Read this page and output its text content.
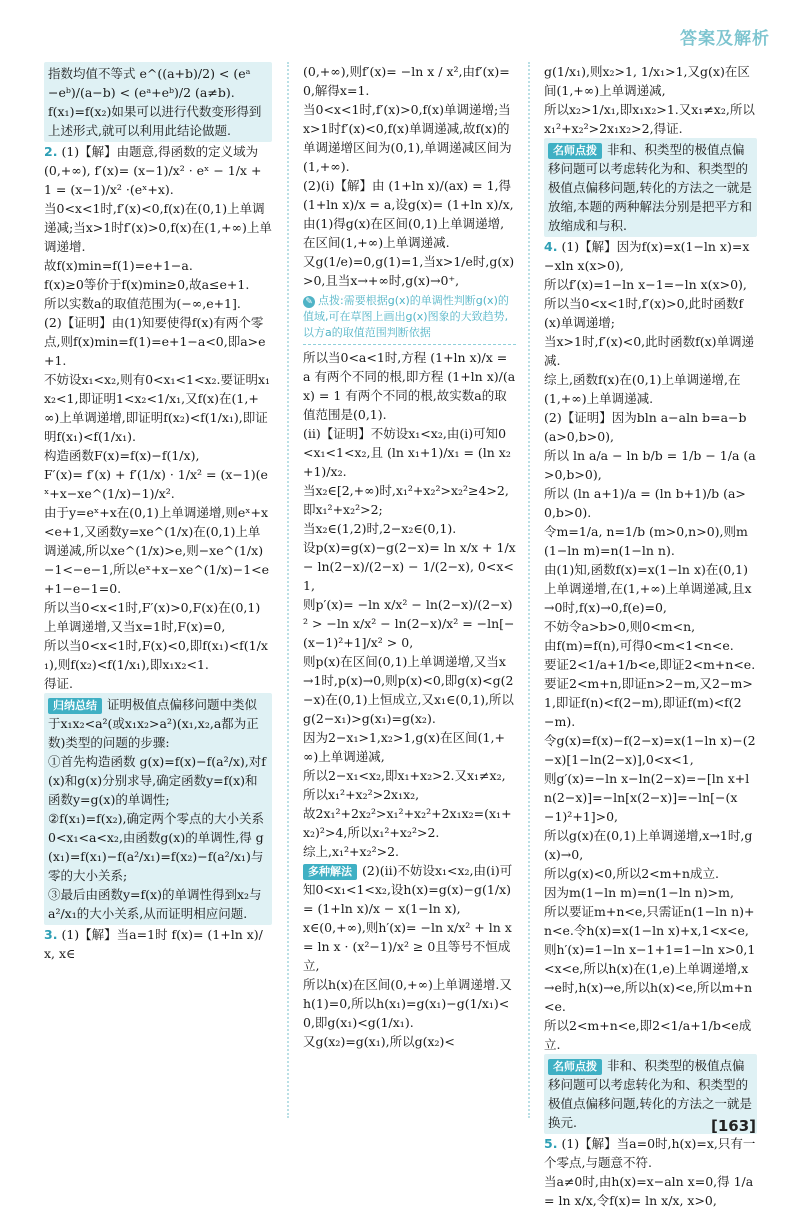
答案及解析

指数均值不等式 e^((a+b)/2) < (eᵃ−eᵇ)/(a−b) < (eᵃ+eᵇ)/2 (a≠b).

f(x₁)=f(x₂)如果可以进行代数变形得到上述形式,就可以利用此结论做题.

2. (1)【解】由题意,得函数的定义域为(0,+∞), f′(x)= (x−1)/x² · eˣ − 1/x + 1 = (x−1)/x² ·(eˣ+x).

当0<x<1时,f′(x)<0,f(x)在(0,1)上单调递减;当x>1时f′(x)>0,f(x)在(1,+∞)上单调递增.

故f(x)min=f(1)=e+1−a.

f(x)≥0等价于f(x)min≥0,故a≤e+1.

所以实数a的取值范围为(−∞,e+1].

(2)【证明】由(1)知要使得f(x)有两个零点,则f(x)min=f(1)=e+1−a<0,即a>e+1.

不妨设x₁<x₂,则有0<x₁<1<x₂.要证明x₁x₂<1,即证明1<x₂<1/x₁,又f(x)在(1,+∞)上单调递增,即证明f(x₂)<f(1/x₁),即证明f(x₁)<f(1/x₁).

构造函数F(x)=f(x)−f(1/x),

F′(x)= f′(x) + f′(1/x) · 1/x² = (x−1)(eˣ+x−xe^(1/x)−1)/x².

由于y=eˣ+x在(0,1)上单调递增,则eˣ+x<e+1,又函数y=xe^(1/x)在(0,1)上单调递减,所以xe^(1/x)>e,则−xe^(1/x)−1<−e−1,所以eˣ+x−xe^(1/x)−1<e+1−e−1=0.

所以当0<x<1时,F′(x)>0,F(x)在(0,1)上单调递增,又当x=1时,F(x)=0,

所以当0<x<1时,F(x)<0,即f(x₁)<f(1/x₁),则f(x₂)<f(1/x₁),即x₁x₂<1.

得证.

归纳总结 证明极值点偏移问题中类似于x₁x₂<a²(或x₁x₂>a²)(x₁,x₂,a都为正数)类型的问题的步骤:

①首先构造函数 g(x)=f(x)−f(a²/x),对f(x)和g(x)分别求导,确定函数y=f(x)和函数y=g(x)的单调性;

②f(x₁)=f(x₂),确定两个零点的大小关系0<x₁<a<x₂,由函数g(x)的单调性,得 g(x₁)=f(x₁)−f(a²/x₁)=f(x₂)−f(a²/x₁)与零的大小关系;

③最后由函数y=f(x)的单调性得到x₂与a²/x₁的大小关系,从而证明相应问题.

3. (1)【解】当a=1时 f(x)= (1+ln x)/x, x∈

(0,+∞),则f′(x)= −ln x / x²,由f′(x)=0,解得x=1.

当0<x<1时,f′(x)>0,f(x)单调递增;当x>1时f′(x)<0,f(x)单调递减,故f(x)的单调递增区间为(0,1),单调递减区间为(1,+∞).

(2)(i)【解】由 (1+ln x)/(ax) = 1,得 (1+ln x)/x = a,设g(x)= (1+ln x)/x,

由(1)得g(x)在区间(0,1)上单调递增,在区间(1,+∞)上单调递减.

又g(1/e)=0,g(1)=1,当x>1/e时,g(x)>0,且当x→+∞时,g(x)→0⁺,

✎ 点拨:需要根据g(x)的单调性判断g(x)的值域,可在草图上画出g(x)图象的大致趋势,以方a的取值范围判断依据

所以当0<a<1时,方程 (1+ln x)/x = a 有两个不同的根,即方程 (1+ln x)/(ax) = 1 有两个不同的根,故实数a的取值范围是(0,1).

(ii)【证明】不妨设x₁<x₂,由(i)可知0<x₁<1<x₂,且 (ln x₁+1)/x₁ = (ln x₂+1)/x₂.

当x₂∈[2,+∞)时,x₁²+x₂²>x₂²≥4>2,即x₁²+x₂²>2;

当x₂∈(1,2)时,2−x₂∈(0,1).

设p(x)=g(x)−g(2−x)= ln x/x + 1/x − ln(2−x)/(2−x) − 1/(2−x), 0<x<1,

则p′(x)= −ln x/x² − ln(2−x)/(2−x)² > −ln x/x² − ln(2−x)/x² = −ln[−(x−1)²+1]/x² > 0,

则p(x)在区间(0,1)上单调递增,又当x→1时,p(x)→0,则p(x)<0,即g(x)<g(2−x)在(0,1)上恒成立,又x₁∈(0,1),所以g(2−x₁)>g(x₁)=g(x₂).

因为2−x₁>1,x₂>1,g(x)在区间(1,+∞)上单调递减,

所以2−x₁<x₂,即x₁+x₂>2.又x₁≠x₂,所以x₁²+x₂²>2x₁x₂,

故2x₁²+2x₂²>x₁²+x₂²+2x₁x₂=(x₁+x₂)²>4,所以x₁²+x₂²>2.

综上,x₁²+x₂²>2.

多种解法 (2)(ii)不妨设x₁<x₂,由(i)可知0<x₁<1<x₂,设h(x)=g(x)−g(1/x)= (1+ln x)/x − x(1−ln x),

x∈(0,+∞),则h′(x)= −ln x/x² + ln x = ln x · (x²−1)/x² ≥ 0且等号不恒成立,

所以h(x)在区间(0,+∞)上单调递增.又h(1)=0,所以h(x₁)=g(x₁)−g(1/x₁)<0,即g(x₁)<g(1/x₁).

又g(x₂)=g(x₁),所以g(x₂)<

g(1/x₁),则x₂>1, 1/x₁>1,又g(x)在区间(1,+∞)上单调递减,

所以x₂>1/x₁,即x₁x₂>1.又x₁≠x₂,所以x₁²+x₂²>2x₁x₂>2,得证.

名师点拨 非和、积类型的极值点偏移问题可以考虑转化为和、积类型的极值点偏移问题,转化的方法之一就是放缩,本题的两种解法分别是把平方和放缩成和与积.

4. (1)【解】因为f(x)=x(1−ln x)=x−xln x(x>0),

所以f′(x)=1−ln x−1=−ln x(x>0),

所以当0<x<1时,f′(x)>0,此时函数f(x)单调递增;

当x>1时,f′(x)<0,此时函数f(x)单调递减.

综上,函数f(x)在(0,1)上单调递增,在(1,+∞)上单调递减.

(2)【证明】因为bln a−aln b=a−b(a>0,b>0),

所以 ln a/a − ln b/b = 1/b − 1/a (a>0,b>0),

所以 (ln a+1)/a = (ln b+1)/b (a>0,b>0).

令m=1/a, n=1/b (m>0,n>0),则m(1−ln m)=n(1−ln n).

由(1)知,函数f(x)=x(1−ln x)在(0,1)上单调递增,在(1,+∞)上单调递减,且x→0时,f(x)→0,f(e)=0,

不妨令a>b>0,则0<m<n,

由f(m)=f(n),可得0<m<1<n<e.

要证2<1/a+1/b<e,即证2<m+n<e.

要证2<m+n,即证n>2−m,又2−m>1,即证f(n)<f(2−m),即证f(m)<f(2−m).

令g(x)=f(x)−f(2−x)=x(1−ln x)−(2−x)[1−ln(2−x)],0<x<1,

则g′(x)=−ln x−ln(2−x)=−[ln x+ln(2−x)]=−ln[x(2−x)]=−ln[−(x−1)²+1]>0,

所以g(x)在(0,1)上单调递增,x→1时,g(x)→0,

所以g(x)<0,所以2<m+n成立.

因为m(1−ln m)=n(1−ln n)>m,

所以要证m+n<e,只需证n(1−ln n)+n<e.令h(x)=x(1−ln x)+x,1<x<e,

则h′(x)=1−ln x−1+1=1−ln x>0,1<x<e,所以h(x)在(1,e)上单调递增,x→e时,h(x)→e,所以h(x)<e,所以m+n<e.

所以2<m+n<e,即2<1/a+1/b<e成立.

名师点拨 非和、积类型的极值点偏移问题可以考虑转化为和、积类型的极值点偏移问题,转化的方法之一就是换元.

5. (1)【解】当a=0时,h(x)=x,只有一个零点,与题意不符.

当a≠0时,由h(x)=x−aln x=0,得 1/a = ln x/x,令f(x)= ln x/x, x>0,

[163]
